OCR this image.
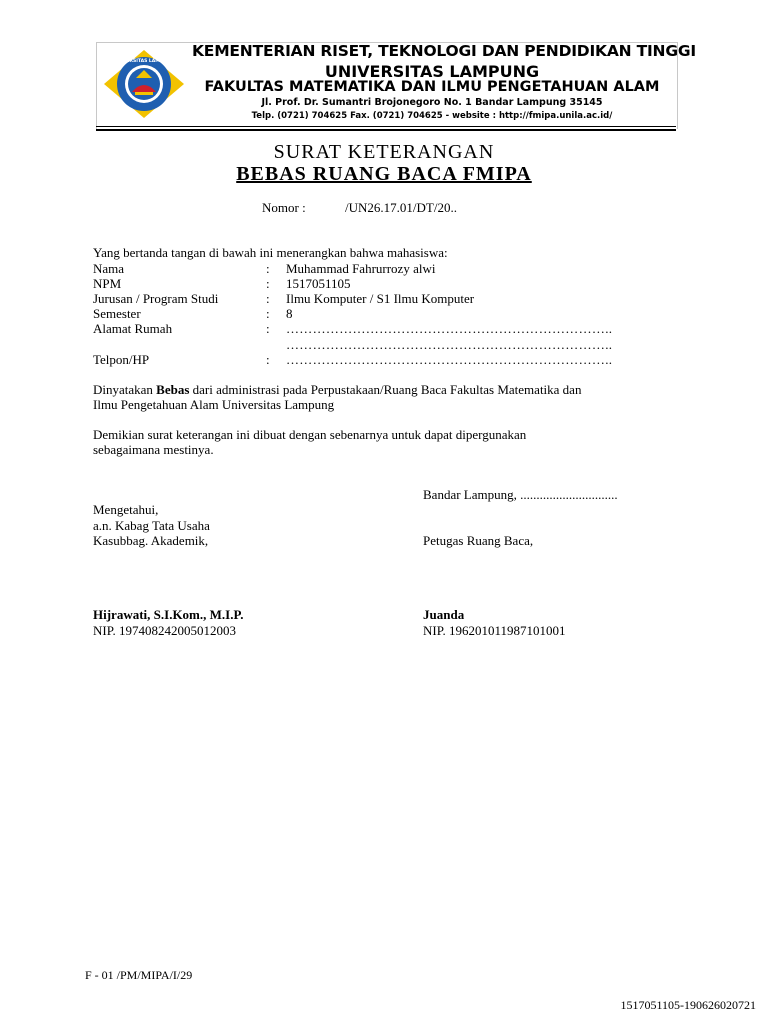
UNIVERSITAS LAMPUNG
KEMENTERIAN RISET, TEKNOLOGI DAN PENDIDIKAN TINGGI
UNIVERSITAS LAMPUNG
FAKULTAS MATEMATIKA DAN ILMU PENGETAHUAN ALAM
Jl. Prof. Dr. Sumantri Brojonegoro No. 1 Bandar Lampung 35145
Telp. (0721) 704625 Fax. (0721) 704625 - website : http://fmipa.unila.ac.id/
SURAT KETERANGAN
BEBAS RUANG BACA FMIPA
Nomor :	/UN26.17.01/DT/20..
Yang bertanda tangan di bawah ini menerangkan bahwa mahasiswa:
Nama	: Muhammad Fahrurrozy alwi
NPM	: 1517051105
Jurusan / Program Studi	: Ilmu Komputer / S1 Ilmu Komputer
Semester	: 8
Alamat Rumah	: ………………………………………………………………..
………………………………………………………………..
Telpon/HP	: ………………………………………………………………..
Dinyatakan Bebas dari administrasi pada Perpustakaan/Ruang Baca Fakultas Matematika dan
Ilmu Pengetahuan Alam Universitas Lampung
Demikian surat keterangan ini dibuat dengan sebenarnya untuk dapat dipergunakan
sebagaimana mestinya.
Bandar Lampung, ..............................
Mengetahui,
a.n. Kabag Tata Usaha
Kasubbag. Akademik,	Petugas Ruang Baca,
Hijrawati, S.I.Kom., M.I.P.
NIP. 197408242005012003
Juanda
NIP. 196201011987101001
F - 01 /PM/MIPA/I/29
1517051105-190626020721
